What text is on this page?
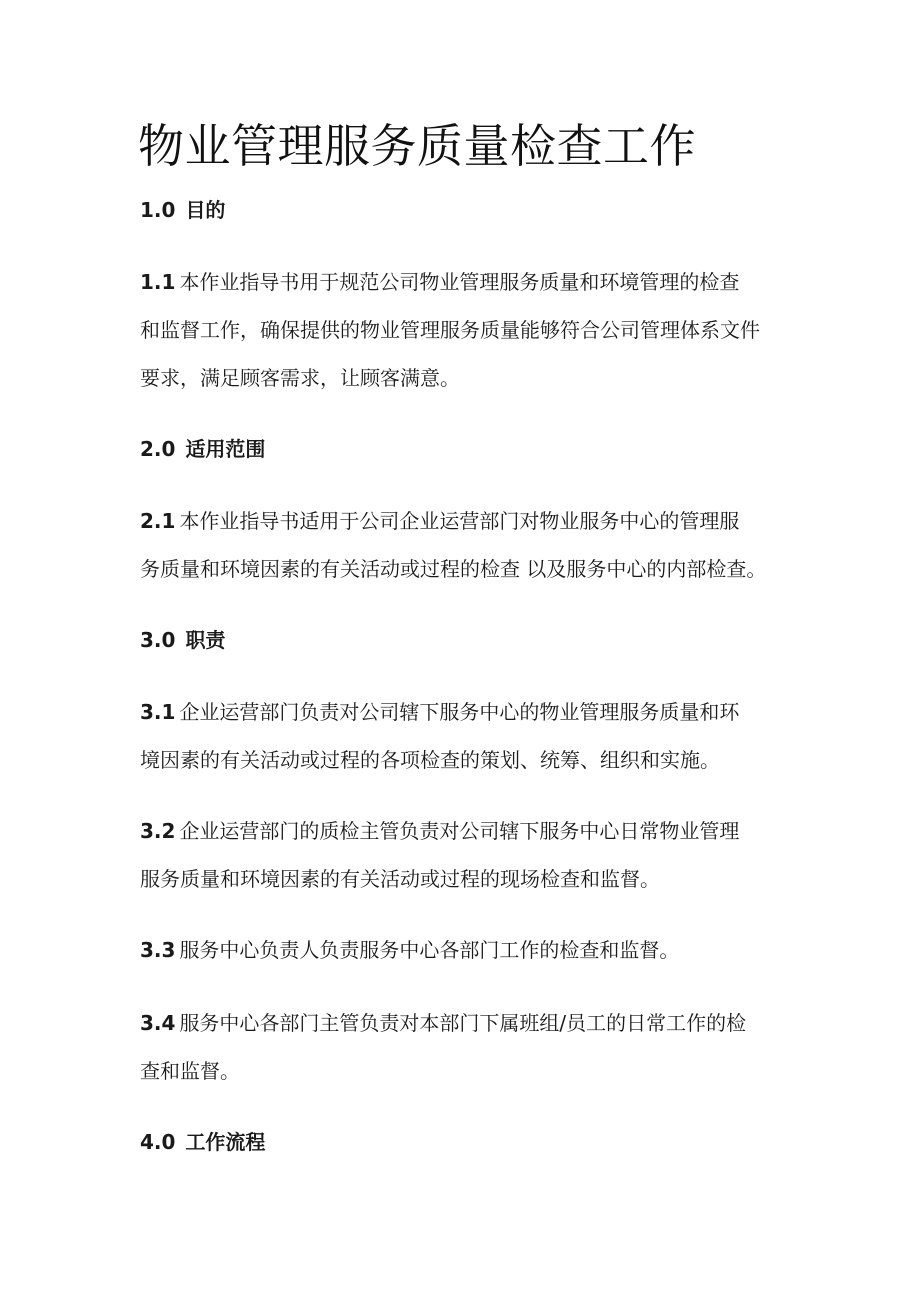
物业管理服务质量检查工作
1.0 目的

1.1 本作业指导书用于规范公司物业管理服务质量和环境管理的检查
和监督工作，确保提供的物业管理服务质量能够符合公司管理体系文件
要求，满足顾客需求，让顾客满意。

2.0 适用范围

2.1 本作业指导书适用于公司企业运营部门对物业服务中心的管理服
务质量和环境因素的有关活动或过程的检查 以及服务中心的内部检查。

3.0 职责

3.1 企业运营部门负责对公司辖下服务中心的物业管理服务质量和环
境因素的有关活动或过程的各项检查的策划、统筹、组织和实施。

3.2 企业运营部门的质检主管负责对公司辖下服务中心日常物业管理
服务质量和环境因素的有关活动或过程的现场检查和监督。

3.3 服务中心负责人负责服务中心各部门工作的检查和监督。

3.4 服务中心各部门主管负责对本部门下属班组/员工的日常工作的检
查和监督。

4.0 工作流程
